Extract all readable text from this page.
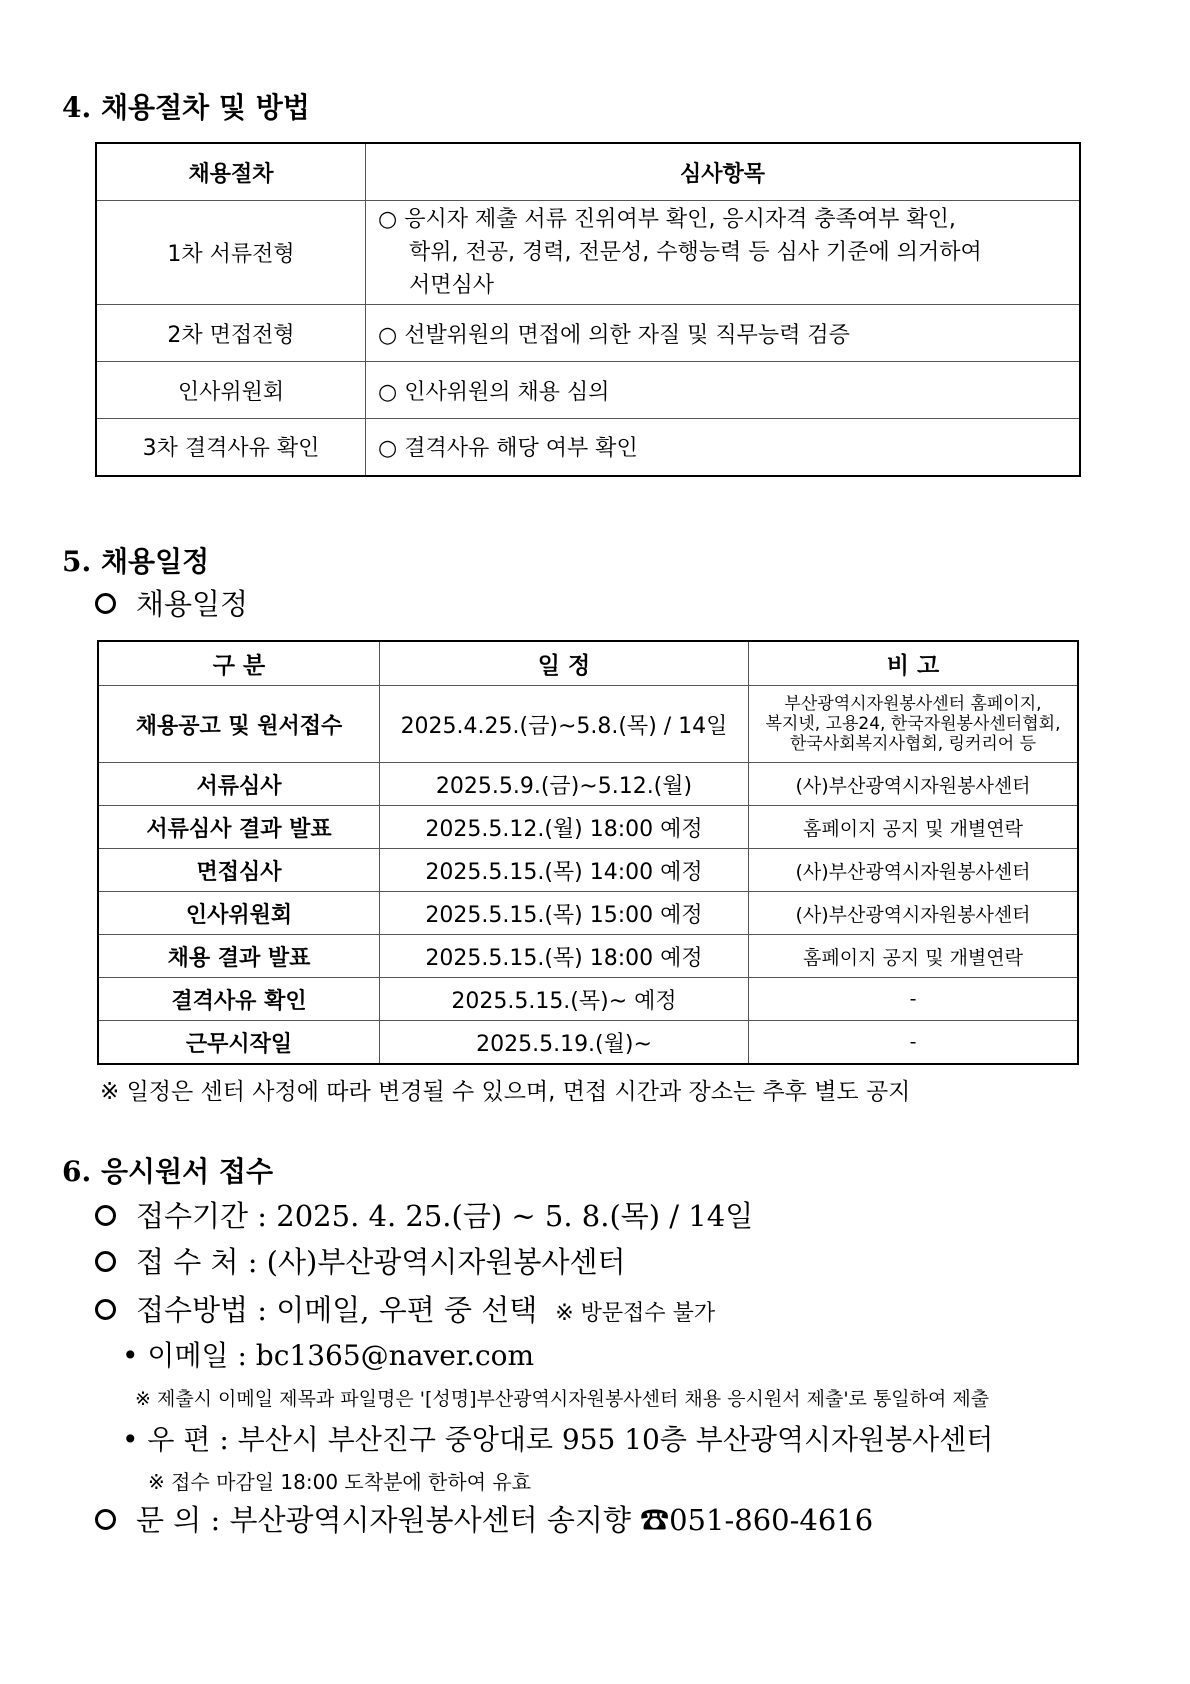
4. 채용절차 및 방법
채용절차	심사항목
1차 서류전형	○ 응시자 제출 서류 진위여부 확인, 응시자격 충족여부 확인,
학위, 전공, 경력, 전문성, 수행능력 등 심사 기준에 의거하여
서면심사

2차 면접전형	○ 선발위원의 면접에 의한 자질 및 직무능력 검증
인사위원회	○ 인사위원의 채용 심의
3차 결격사유 확인	○ 결격사유 해당 여부 확인
5. 채용일정
채용일정
구 분	일 정	비 고
채용공고 및 원서접수	2025.4.25.(금)~5.8.(목) / 14일	부산광역시자원봉사센터 홈페이지,
복지넷, 고용24, 한국자원봉사센터협회,
한국사회복지사협회, 링커리어 등

서류심사	2025.5.9.(금)~5.12.(월)	(사)부산광역시자원봉사센터
서류심사 결과 발표	2025.5.12.(월) 18:00 예정	홈페이지 공지 및 개별연락
면접심사	2025.5.15.(목) 14:00 예정	(사)부산광역시자원봉사센터
인사위원회	2025.5.15.(목) 15:00 예정	(사)부산광역시자원봉사센터
채용 결과 발표	2025.5.15.(목) 18:00 예정	홈페이지 공지 및 개별연락
결격사유 확인	2025.5.15.(목)~ 예정	-
근무시작일	2025.5.19.(월)~	-
※ 일정은 센터 사정에 따라 변경될 수 있으며, 면접 시간과 장소는 추후 별도 공지
6. 응시원서 접수
접수기간 : 2025. 4. 25.(금) ~ 5. 8.(목) / 14일
접 수 처 : (사)부산광역시자원봉사센터
접수방법 : 이메일, 우편 중 선택 ※ 방문접수 불가
• 이메일 : bc1365@naver.com
※ 제출시 이메일 제목과 파일명은 '[성명]부산광역시자원봉사센터 채용 응시원서 제출'로 통일하여 제출
• 우 편 : 부산시 부산진구 중앙대로 955 10층 부산광역시자원봉사센터
※ 접수 마감일 18:00 도착분에 한하여 유효
문 의 : 부산광역시자원봉사센터 송지향 ☎051-860-4616
